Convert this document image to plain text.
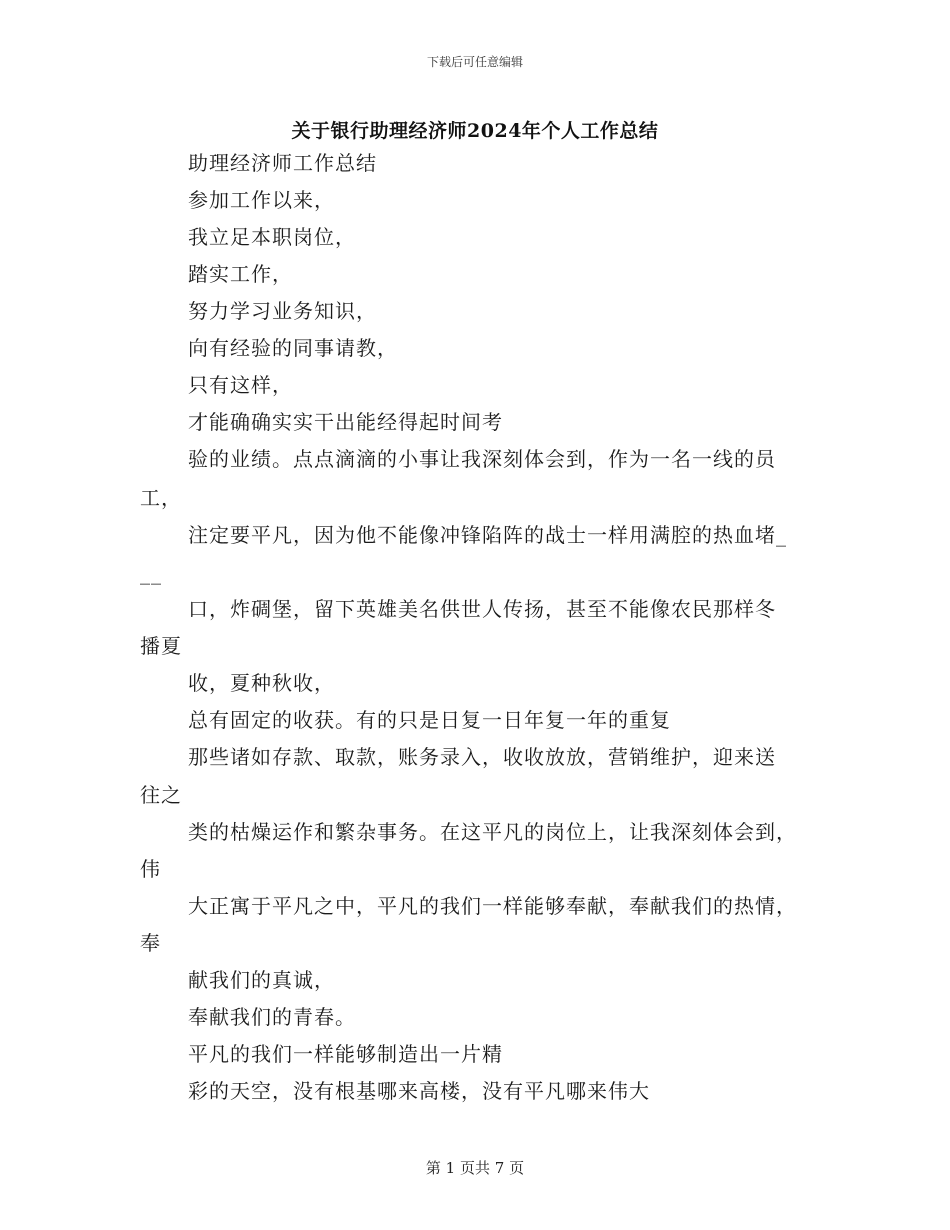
下载后可任意编辑
关于银行助理经济师2024年个人工作总结
助理经济师工作总结
参加工作以来，
我立足本职岗位，
踏实工作，
努力学习业务知识，
向有经验的同事请教，
只有这样，
才能确确实实干出能经得起时间考
验的业绩。点点滴滴的小事让我深刻体会到，作为一名一线的员
工，
注定要平凡，因为他不能像冲锋陷阵的战士一样用满腔的热血堵_
__
口，炸碉堡，留下英雄美名供世人传扬，甚至不能像农民那样冬
播夏
收，夏种秋收，
总有固定的收获。有的只是日复一日年复一年的重复
那些诸如存款、取款，账务录入，收收放放，营销维护，迎来送
往之
类的枯燥运作和繁杂事务。在这平凡的岗位上，让我深刻体会到，
伟
大正寓于平凡之中，平凡的我们一样能够奉献，奉献我们的热情，
奉
献我们的真诚，
奉献我们的青春。
平凡的我们一样能够制造出一片精
彩的天空，没有根基哪来高楼，没有平凡哪来伟大
第 1 页共 7 页
